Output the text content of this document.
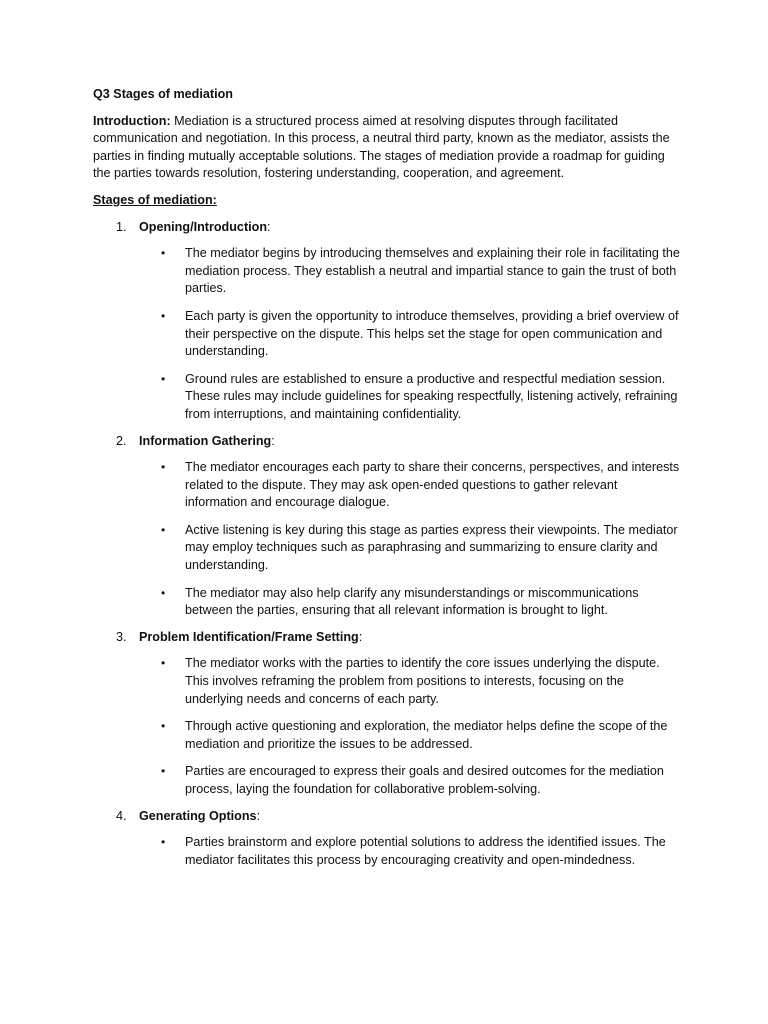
Q3 Stages of mediation

Introduction: Mediation is a structured process aimed at resolving disputes through facilitated communication and negotiation. In this process, a neutral third party, known as the mediator, assists the parties in finding mutually acceptable solutions. The stages of mediation provide a roadmap for guiding the parties towards resolution, fostering understanding, cooperation, and agreement.

Stages of mediation:

1. Opening/Introduction:
• The mediator begins by introducing themselves and explaining their role in facilitating the mediation process. They establish a neutral and impartial stance to gain the trust of both parties.
• Each party is given the opportunity to introduce themselves, providing a brief overview of their perspective on the dispute. This helps set the stage for open communication and understanding.
• Ground rules are established to ensure a productive and respectful mediation session. These rules may include guidelines for speaking respectfully, listening actively, refraining from interruptions, and maintaining confidentiality.
2. Information Gathering:
• The mediator encourages each party to share their concerns, perspectives, and interests related to the dispute. They may ask open-ended questions to gather relevant information and encourage dialogue.
• Active listening is key during this stage as parties express their viewpoints. The mediator may employ techniques such as paraphrasing and summarizing to ensure clarity and understanding.
• The mediator may also help clarify any misunderstandings or miscommunications between the parties, ensuring that all relevant information is brought to light.
3. Problem Identification/Frame Setting:
• The mediator works with the parties to identify the core issues underlying the dispute. This involves reframing the problem from positions to interests, focusing on the underlying needs and concerns of each party.
• Through active questioning and exploration, the mediator helps define the scope of the mediation and prioritize the issues to be addressed.
• Parties are encouraged to express their goals and desired outcomes for the mediation process, laying the foundation for collaborative problem-solving.
4. Generating Options:
• Parties brainstorm and explore potential solutions to address the identified issues. The mediator facilitates this process by encouraging creativity and open-mindedness.
